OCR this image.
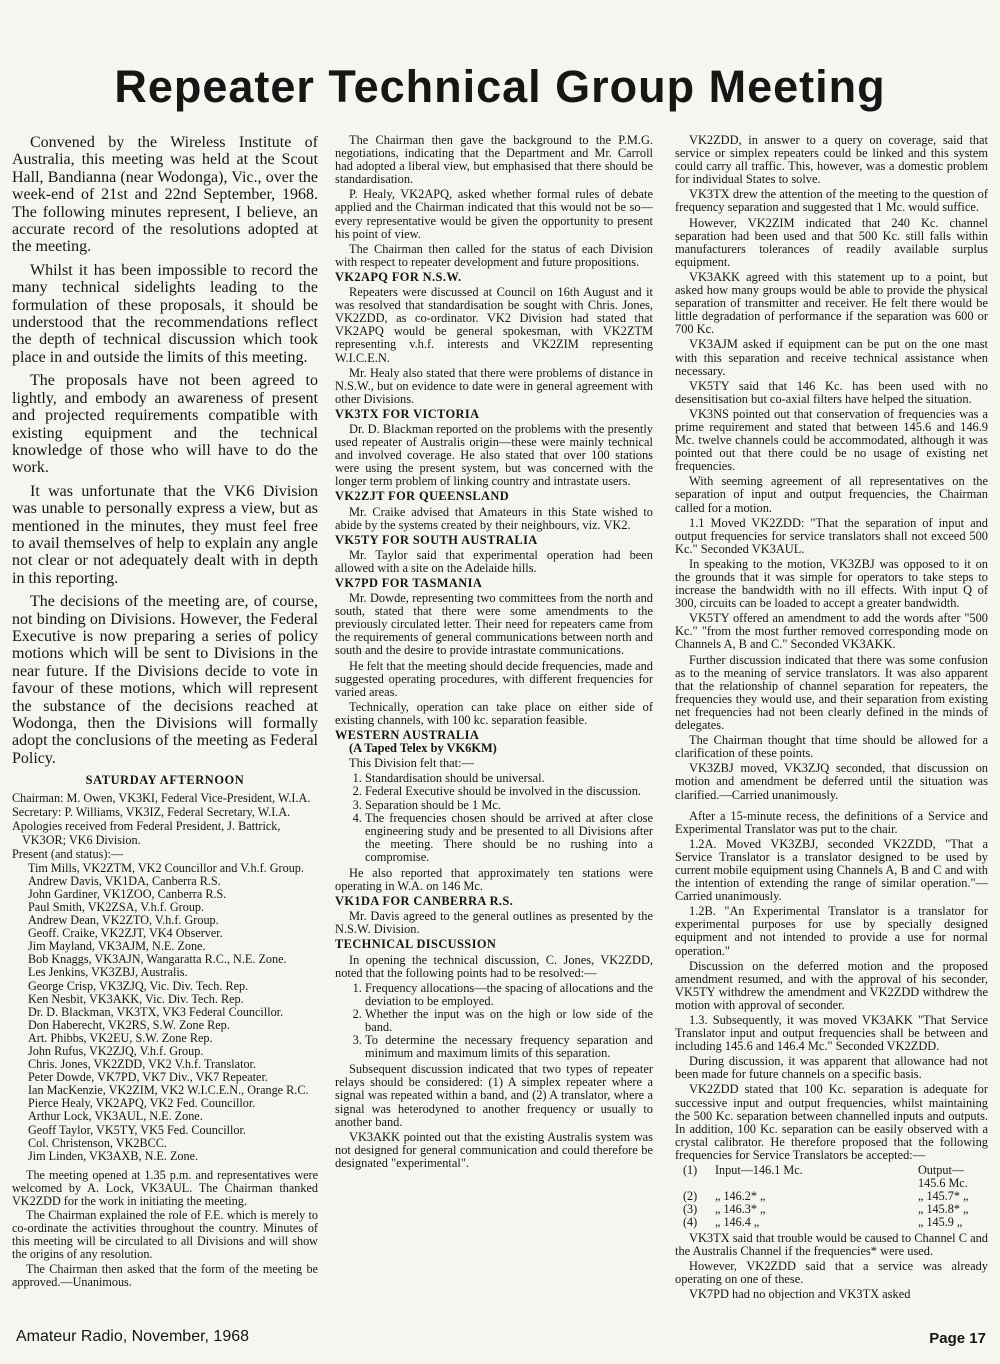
Repeater Technical Group Meeting

Convened by the Wireless Institute of Australia, this meeting was held at the Scout Hall, Bandianna (near Wodonga), Vic., over the week-end of 21st and 22nd September, 1968. The following minutes represent, I believe, an accurate record of the resolutions adopted at the meeting.

Whilst it has been impossible to record the many technical sidelights leading to the formulation of these proposals, it should be understood that the recommendations reflect the depth of technical discussion which took place in and outside the limits of this meeting.

The proposals have not been agreed to lightly, and embody an awareness of present and projected requirements compatible with existing equipment and the technical knowledge of those who will have to do the work.

It was unfortunate that the VK6 Division was unable to personally express a view, but as mentioned in the minutes, they must feel free to avail themselves of help to explain any angle not clear or not adequately dealt with in depth in this reporting.

The decisions of the meeting are, of course, not binding on Divisions. However, the Federal Executive is now preparing a series of policy motions which will be sent to Divisions in the near future. If the Divisions decide to vote in favour of these motions, which will represent the substance of the decisions reached at Wodonga, then the Divisions will formally adopt the conclusions of the meeting as Federal Policy.

SATURDAY AFTERNOON
Chairman: M. Owen, VK3KI, Federal Vice-President, W.I.A.
Secretary: P. Williams, VK3IZ, Federal Secretary, W.I.A.
Apologies received from Federal President, J. Battrick, VK3OR; VK6 Division.
Present (and status):—
Tim Mills, VK2ZTM, VK2 Councillor and V.h.f. Group.
Andrew Davis, VK1DA, Canberra R.S.
John Gardiner, VK1ZOO, Canberra R.S.
Paul Smith, VK2ZSA, V.h.f. Group.
Andrew Dean, VK2ZTO, V.h.f. Group.
Geoff. Craike, VK2ZJT, VK4 Observer.
Jim Mayland, VK3AJM, N.E. Zone.
Bob Knaggs, VK3AJN, Wangaratta R.C., N.E. Zone.
Les Jenkins, VK3ZBJ, Australis.
George Crisp, VK3ZJQ, Vic. Div. Tech. Rep.
Ken Nesbit, VK3AKK, Vic. Div. Tech. Rep.
Dr. D. Blackman, VK3TX, VK3 Federal Councillor.
Don Haberecht, VK2RS, S.W. Zone Rep.
Art. Phibbs, VK2EU, S.W. Zone Rep.
John Rufus, VK2ZJQ, V.h.f. Group.
Chris. Jones, VK2ZDD, VK2 V.h.f. Translator.
Peter Dowde, VK7PD, VK7 Div., VK7 Repeater.
Ian MacKenzie, VK2ZIM, VK2 W.I.C.E.N., Orange R.C.
Pierce Healy, VK2APQ, VK2 Fed. Councillor.
Arthur Lock, VK3AUL, N.E. Zone.
Geoff Taylor, VK5TY, VK5 Fed. Councillor.
Col. Christenson, VK2BCC.
Jim Linden, VK3AXB, N.E. Zone.

The meeting opened at 1.35 p.m. and representatives were welcomed by A. Lock, VK3AUL. The Chairman thanked VK2ZDD for the work in initiating the meeting.

The Chairman explained the role of F.E. which is merely to co-ordinate the activities throughout the country. Minutes of this meeting will be circulated to all Divisions and will show the origins of any resolution.

The Chairman then asked that the form of the meeting be approved.—Unanimous.

The Chairman then gave the background to the P.M.G. negotiations, indicating that the Department and Mr. Carroll had adopted a liberal view, but emphasised that there should be standardisation.

P. Healy, VK2APQ, asked whether formal rules of debate applied and the Chairman indicated that this would not be so—every representative would be given the opportunity to present his point of view.

The Chairman then called for the status of each Division with respect to repeater development and future propositions.

VK2APQ FOR N.S.W.

Repeaters were discussed at Council on 16th August and it was resolved that standardisation be sought with Chris. Jones, VK2ZDD, as co-ordinator. VK2 Division had stated that VK2APQ would be general spokesman, with VK2ZTM representing v.h.f. interests and VK2ZIM representing W.I.C.E.N.

Mr. Healy also stated that there were problems of distance in N.S.W., but on evidence to date were in general agreement with other Divisions.

VK3TX FOR VICTORIA

Dr. D. Blackman reported on the problems with the presently used repeater of Australis origin—these were mainly technical and involved coverage. He also stated that over 100 stations were using the present system, but was concerned with the longer term problem of linking country and intrastate users.

VK2ZJT FOR QUEENSLAND

Mr. Craike advised that Amateurs in this State wished to abide by the systems created by their neighbours, viz. VK2.

VK5TY FOR SOUTH AUSTRALIA

Mr. Taylor said that experimental operation had been allowed with a site on the Adelaide hills.

VK7PD FOR TASMANIA

Mr. Dowde, representing two committees from the north and south, stated that there were some amendments to the previously circulated letter. Their need for repeaters came from the requirements of general communications between north and south and the desire to provide intrastate communications.

He felt that the meeting should decide frequencies, made and suggested operating procedures, with different frequencies for varied areas.

Technically, operation can take place on either side of existing channels, with 100 kc. separation feasible.

WESTERN AUSTRALIA

(A Taped Telex by VK6KM)

This Division felt that:—

1. Standardisation should be universal.
2. Federal Executive should be involved in the discussion.
3. Separation should be 1 Mc.
4. The frequencies chosen should be arrived at after close engineering study and be presented to all Divisions after the meeting. There should be no rushing into a compromise.

He also reported that approximately ten stations were operating in W.A. on 146 Mc.

VK1DA FOR CANBERRA R.S.

Mr. Davis agreed to the general outlines as presented by the N.S.W. Division.

TECHNICAL DISCUSSION

In opening the technical discussion, C. Jones, VK2ZDD, noted that the following points had to be resolved:—

1. Frequency allocations—the spacing of allocations and the deviation to be employed.
2. Whether the input was on the high or low side of the band.
3. To determine the necessary frequency separation and minimum and maximum limits of this separation.

Subsequent discussion indicated that two types of repeater relays should be considered: (1) A simplex repeater where a signal was repeated within a band, and (2) A translator, where a signal was heterodyned to another frequency or usually to another band.

VK3AKK pointed out that the existing Australis system was not designed for general communication and could therefore be designated "experimental".

VK2ZDD, in answer to a query on coverage, said that service or simplex repeaters could be linked and this system could carry all traffic. This, however, was a domestic problem for individual States to solve.

VK3TX drew the attention of the meeting to the question of frequency separation and suggested that 1 Mc. would suffice.

However, VK2ZIM indicated that 240 Kc. channel separation had been used and that 500 Kc. still falls within manufacturers tolerances of readily available surplus equipment.

VK3AKK agreed with this statement up to a point, but asked how many groups would be able to provide the physical separation of transmitter and receiver. He felt there would be little degradation of performance if the separation was 600 or 700 Kc.

VK3AJM asked if equipment can be put on the one mast with this separation and receive technical assistance when necessary.

VK5TY said that 146 Kc. has been used with no desensitisation but co-axial filters have helped the situation.

VK3NS pointed out that conservation of frequencies was a prime requirement and stated that between 145.6 and 146.9 Mc. twelve channels could be accommodated, although it was pointed out that there could be no usage of existing net frequencies.

With seeming agreement of all representatives on the separation of input and output frequencies, the Chairman called for a motion.

1.1 Moved VK2ZDD: "That the separation of input and output frequencies for service translators shall not exceed 500 Kc." Seconded VK3AUL.

In speaking to the motion, VK3ZBJ was opposed to it on the grounds that it was simple for operators to take steps to increase the bandwidth with no ill effects. With input Q of 300, circuits can be loaded to accept a greater bandwidth.

VK5TY offered an amendment to add the words after "500 Kc." "from the most further removed corresponding mode on Channels A, B and C." Seconded VK3AKK.

Further discussion indicated that there was some confusion as to the meaning of service translators. It was also apparent that the relationship of channel separation for repeaters, the frequencies they would use, and their separation from existing net frequencies had not been clearly defined in the minds of delegates.

The Chairman thought that time should be allowed for a clarification of these points.

VK3ZBJ moved, VK3ZJQ seconded, that discussion on motion and amendment be deferred until the situation was clarified.—Carried unanimously.

After a 15-minute recess, the definitions of a Service and Experimental Translator was put to the chair.

1.2A. Moved VK3ZBJ, seconded VK2ZDD, "That a Service Translator is a translator designed to be used by current mobile equipment using Channels A, B and C and with the intention of extending the range of similar operation."—Carried unanimously.

1.2B. "An Experimental Translator is a translator for experimental purposes for use by specially designed equipment and not intended to provide a use for normal operation."

Discussion on the deferred motion and the proposed amendment resumed, and with the approval of his seconder, VK5TY withdrew the amendment and VK2ZDD withdrew the motion with approval of seconder.

1.3. Subsequently, it was moved VK3AKK "That Service Translator input and output frequencies shall be between and including 145.6 and 146.4 Mc." Seconded VK2ZDD.

During discussion, it was apparent that allowance had not been made for future channels on a specific basis.

VK2ZDD stated that 100 Kc. separation is adequate for successive input and output frequencies, whilst maintaining the 500 Kc. separation between channelled inputs and outputs. In addition, 100 Kc. separation can be easily observed with a crystal calibrator. He therefore proposed that the following frequencies for Service Translators be accepted:—

(1)	Input—146.1 Mc.	Output—145.6 Mc.
(2)	„ 146.2* „	„ 145.7* „
(3)	„ 146.3* „	„ 145.8* „
(4)	„ 146.4 „	„ 145.9 „

VK3TX said that trouble would be caused to Channel C and the Australis Channel if the frequencies* were used.

However, VK2ZDD said that a service was already operating on one of these.

VK7PD had no objection and VK3TX asked

Amateur Radio, November, 1968	Page 17
